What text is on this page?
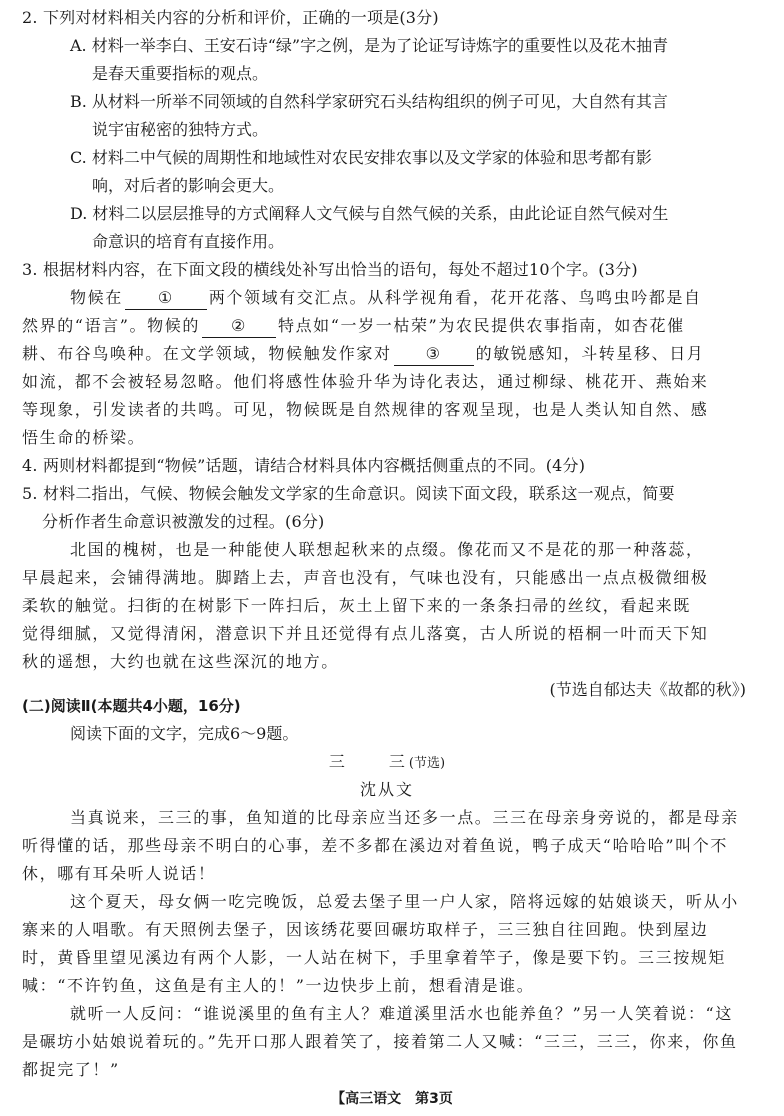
2. 下列对材料相关内容的分析和评价，正确的一项是(3分)
A. 材料一举李白、王安石诗“绿”字之例，是为了论证写诗炼字的重要性以及花木抽青
是春天重要指标的观点。
B. 从材料一所举不同领域的自然科学家研究石头结构组织的例子可见，大自然有其言
说宇宙秘密的独特方式。
C. 材料二中气候的周期性和地域性对农民安排农事以及文学家的体验和思考都有影
响，对后者的影响会更大。
D. 材料二以层层推导的方式阐释人文气候与自然气候的关系，由此论证自然气候对生
命意识的培育有直接作用。
3. 根据材料内容，在下面文段的横线处补写出恰当的语句，每处不超过10个字。(3分)
物候在 ① 两个领域有交汇点。从科学视角看，花开花落、鸟鸣虫吟都是自
然界的“语言”。物候的 ② 特点如“一岁一枯荣”为农民提供农事指南，如杏花催
耕、布谷鸟唤种。在文学领域，物候触发作家对 ③ 的敏锐感知，斗转星移、日月
如流，都不会被轻易忽略。他们将感性体验升华为诗化表达，通过柳绿、桃花开、燕始来
等现象，引发读者的共鸣。可见，物候既是自然规律的客观呈现，也是人类认知自然、感
悟生命的桥梁。
4. 两则材料都提到“物候”话题，请结合材料具体内容概括侧重点的不同。(4分)
5. 材料二指出，气候、物候会触发文学家的生命意识。阅读下面文段，联系这一观点，简要
分析作者生命意识被激发的过程。(6分)
北国的槐树，也是一种能使人联想起秋来的点缀。像花而又不是花的那一种落蕊，
早晨起来，会铺得满地。脚踏上去，声音也没有，气味也没有，只能感出一点点极微细极
柔软的触觉。扫街的在树影下一阵扫后，灰土上留下来的一条条扫帚的丝纹，看起来既
觉得细腻，又觉得清闲，潜意识下并且还觉得有点儿落寞，古人所说的梧桐一叶而天下知
秋的遥想，大约也就在这些深沉的地方。
(节选自郁达夫《故都的秋》)
(二)阅读Ⅱ(本题共4小题，16分)
阅读下面的文字，完成6～9题。
三　　三(节选)
沈从文
当真说来，三三的事，鱼知道的比母亲应当还多一点。三三在母亲身旁说的，都是母亲
听得懂的话，那些母亲不明白的心事，差不多都在溪边对着鱼说，鸭子成天“哈哈哈”叫个不
休，哪有耳朵听人说话！
这个夏天，母女俩一吃完晚饭，总爱去堡子里一户人家，陪将远嫁的姑娘谈天，听从小
寨来的人唱歌。有天照例去堡子，因该绣花要回碾坊取样子，三三独自往回跑。快到屋边
时，黄昏里望见溪边有两个人影，一人站在树下，手里拿着竿子，像是要下钓。三三按规矩
喊：“不许钓鱼，这鱼是有主人的！”一边快步上前，想看清是谁。
就听一人反问：“谁说溪里的鱼有主人？难道溪里活水也能养鱼？”另一人笑着说：“这
是碾坊小姑娘说着玩的。”先开口那人跟着笑了，接着第二人又喊：“三三，三三，你来，你鱼
都捉完了！”
【高三语文　第3页
